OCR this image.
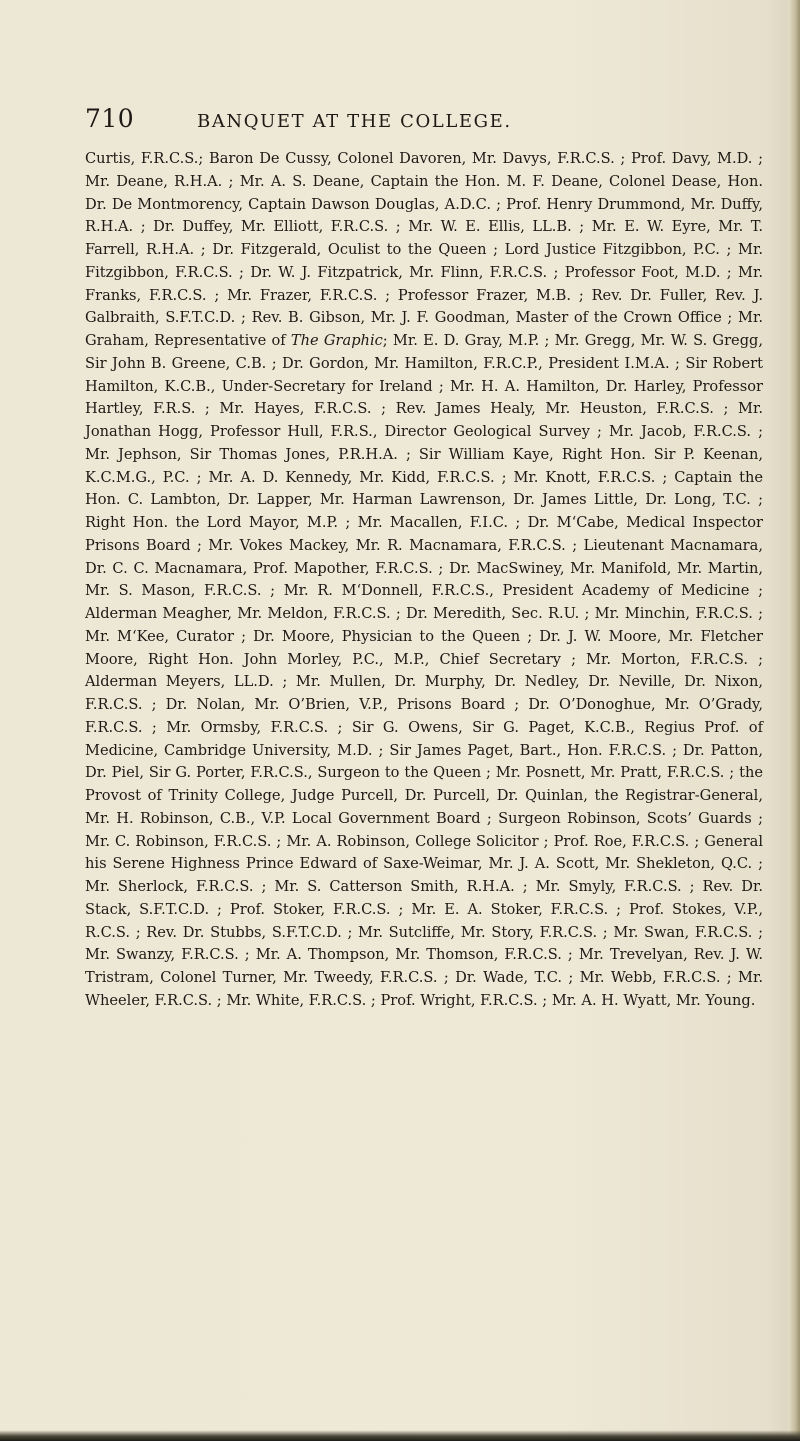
710	BANQUET AT THE COLLEGE.

Curtis, F.R.C.S.; Baron De Cussy, Colonel Davoren, Mr. Davys, F.R.C.S. ; Prof. Davy, M.D. ; Mr. Deane, R.H.A. ; Mr. A. S. Deane, Captain the Hon. M. F. Deane, Colonel Dease, Hon. Dr. De Montmorency, Captain Dawson Douglas, A.D.C. ; Prof. Henry Drummond, Mr. Duffy, R.H.A. ; Dr. Duffey, Mr. Elliott, F.R.C.S. ; Mr. W. E. Ellis, LL.B. ; Mr. E. W. Eyre, Mr. T. Farrell, R.H.A. ; Dr. Fitzgerald, Oculist to the Queen ; Lord Justice Fitzgibbon, P.C. ; Mr. Fitzgibbon, F.R.C.S. ; Dr. W. J. Fitzpatrick, Mr. Flinn, F.R.C.S. ; Professor Foot, M.D. ; Mr. Franks, F.R.C.S. ; Mr. Frazer, F.R.C.S. ; Professor Frazer, M.B. ; Rev. Dr. Fuller, Rev. J. Galbraith, S.F.T.C.D. ; Rev. B. Gibson, Mr. J. F. Goodman, Master of the Crown Office ; Mr. Graham, Representative of The Graphic; Mr. E. D. Gray, M.P. ; Mr. Gregg, Mr. W. S. Gregg, Sir John B. Greene, C.B. ; Dr. Gordon, Mr. Hamilton, F.R.C.P., President I.M.A. ; Sir Robert Hamilton, K.C.B., Under-Secretary for Ireland ; Mr. H. A. Hamilton, Dr. Harley, Professor Hartley, F.R.S. ; Mr. Hayes, F.R.C.S. ; Rev. James Healy, Mr. Heuston, F.R.C.S. ; Mr. Jonathan Hogg, Professor Hull, F.R.S., Director Geological Survey ; Mr. Jacob, F.R.C.S. ; Mr. Jephson, Sir Thomas Jones, P.R.H.A. ; Sir William Kaye, Right Hon. Sir P. Keenan, K.C.M.G., P.C. ; Mr. A. D. Kennedy, Mr. Kidd, F.R.C.S. ; Mr. Knott, F.R.C.S. ; Captain the Hon. C. Lambton, Dr. Lapper, Mr. Harman Lawrenson, Dr. James Little, Dr. Long, T.C. ; Right Hon. the Lord Mayor, M.P. ; Mr. Macallen, F.I.C. ; Dr. M‘Cabe, Medical Inspector Prisons Board ; Mr. Vokes Mackey, Mr. R. Macnamara, F.R.C.S. ; Lieutenant Macnamara, Dr. C. C. Macnamara, Prof. Mapother, F.R.C.S. ; Dr. MacSwiney, Mr. Manifold, Mr. Martin, Mr. S. Mason, F.R.C.S. ; Mr. R. M‘Donnell, F.R.C.S., President Academy of Medicine ; Alderman Meagher, Mr. Meldon, F.R.C.S. ; Dr. Meredith, Sec. R.U. ; Mr. Minchin, F.R.C.S. ; Mr. M‘Kee, Curator ; Dr. Moore, Physician to the Queen ; Dr. J. W. Moore, Mr. Fletcher Moore, Right Hon. John Morley, P.C., M.P., Chief Secretary ; Mr. Morton, F.R.C.S. ; Alderman Meyers, LL.D. ; Mr. Mullen, Dr. Murphy, Dr. Nedley, Dr. Neville, Dr. Nixon, F.R.C.S. ; Dr. Nolan, Mr. O’Brien, V.P., Prisons Board ; Dr. O’Donoghue, Mr. O’Grady, F.R.C.S. ; Mr. Ormsby, F.R.C.S. ; Sir G. Owens, Sir G. Paget, K.C.B., Regius Prof. of Medicine, Cambridge University, M.D. ; Sir James Paget, Bart., Hon. F.R.C.S. ; Dr. Patton, Dr. Piel, Sir G. Porter, F.R.C.S., Surgeon to the Queen ; Mr. Posnett, Mr. Pratt, F.R.C.S. ; the Provost of Trinity College, Judge Purcell, Dr. Purcell, Dr. Quinlan, the Registrar-General, Mr. H. Robinson, C.B., V.P. Local Government Board ; Surgeon Robinson, Scots’ Guards ; Mr. C. Robinson, F.R.C.S. ; Mr. A. Robinson, College Solicitor ; Prof. Roe, F.R.C.S. ; General his Serene Highness Prince Edward of Saxe-Weimar, Mr. J. A. Scott, Mr. Shekleton, Q.C. ; Mr. Sherlock, F.R.C.S. ; Mr. S. Catterson Smith, R.H.A. ; Mr. Smyly, F.R.C.S. ; Rev. Dr. Stack, S.F.T.C.D. ; Prof. Stoker, F.R.C.S. ; Mr. E. A. Stoker, F.R.C.S. ; Prof. Stokes, V.P., R.C.S. ; Rev. Dr. Stubbs, S.F.T.C.D. ; Mr. Sutcliffe, Mr. Story, F.R.C.S. ; Mr. Swan, F.R.C.S. ; Mr. Swanzy, F.R.C.S. ; Mr. A. Thompson, Mr. Thomson, F.R.C.S. ; Mr. Trevelyan, Rev. J. W. Tristram, Colonel Turner, Mr. Tweedy, F.R.C.S. ; Dr. Wade, T.C. ; Mr. Webb, F.R.C.S. ; Mr. Wheeler, F.R.C.S. ; Mr. White, F.R.C.S. ; Prof. Wright, F.R.C.S. ; Mr. A. H. Wyatt, Mr. Young.
